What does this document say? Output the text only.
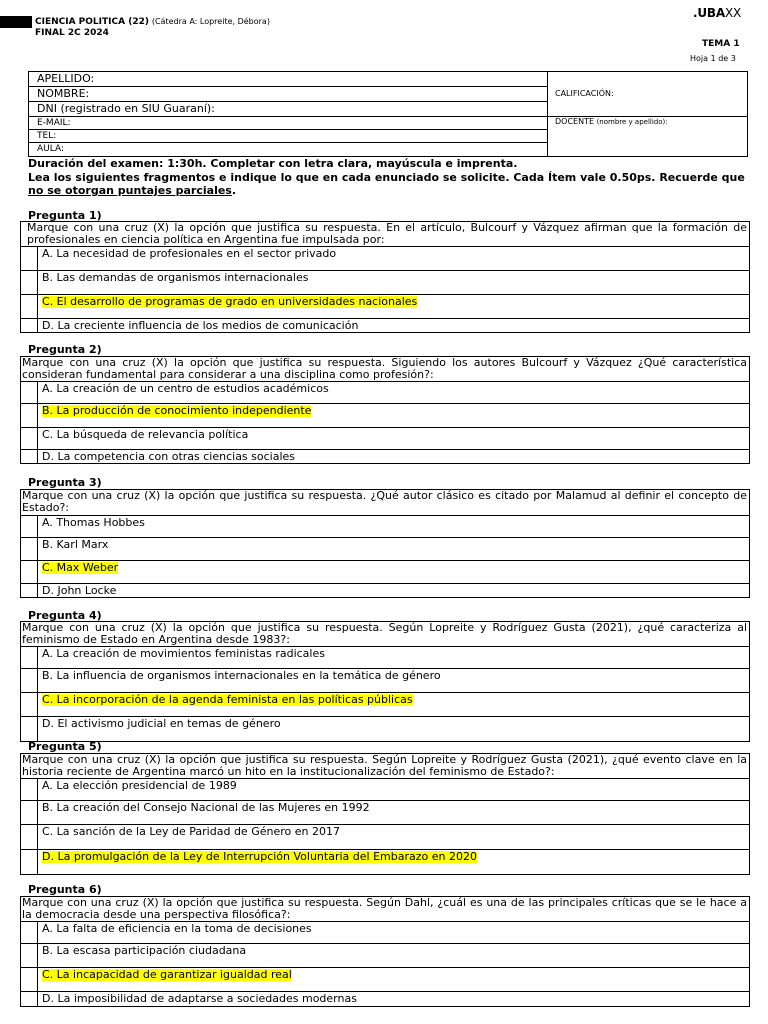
CIENCIA POLITICA (22) (Cátedra A: Lopreite, Débora)
FINAL 2C 2024
.UBAXX
TEMA 1
Hoja 1 de 3
APELLIDO:
NOMBRE:
DNI (registrado en SIU Guaraní):
E-MAIL:
TEL:
AULA:
CALIFICACIÓN:
DOCENTE (nombre y apellido):
Duración del examen: 1:30h. Completar con letra clara, mayúscula e imprenta.
Lea los siguientes fragmentos e indique lo que en cada enunciado se solicite. Cada Ítem vale 0.50ps. Recuerde que
no se otorgan puntajes parciales.
Pregunta 1)
Marque con una cruz (X) la opción que justifica su respuesta. En el artículo, Bulcourf y Vázquez afirman que la formación de profesionales en ciencia política en Argentina fue impulsada por:
A. La necesidad de profesionales en el sector privado
B. Las demandas de organismos internacionales
C. El desarrollo de programas de grado en universidades nacionales
D. La creciente influencia de los medios de comunicación
Pregunta 2)
Marque con una cruz (X) la opción que justifica su respuesta. Siguiendo los autores Bulcourf y Vázquez ¿Qué característica consideran fundamental para considerar a una disciplina como profesión?:
A. La creación de un centro de estudios académicos
B. La producción de conocimiento independiente
C. La búsqueda de relevancia política
D. La competencia con otras ciencias sociales
Pregunta 3)
Marque con una cruz (X) la opción que justifica su respuesta. ¿Qué autor clásico es citado por Malamud al definir el concepto de Estado?:
A. Thomas Hobbes
B. Karl Marx
C. Max Weber
D. John Locke
Pregunta 4)
Marque con una cruz (X) la opción que justifica su respuesta. Según Lopreite y Rodríguez Gusta (2021), ¿qué caracteriza al feminismo de Estado en Argentina desde 1983?:
A. La creación de movimientos feministas radicales
B. La influencia de organismos internacionales en la temática de género
C. La incorporación de la agenda feminista en las políticas públicas
D. El activismo judicial en temas de género
Pregunta 5)
Marque con una cruz (X) la opción que justifica su respuesta. Según Lopreite y Rodríguez Gusta (2021), ¿qué evento clave en la historia reciente de Argentina marcó un hito en la institucionalización del feminismo de Estado?:
A. La elección presidencial de 1989
B. La creación del Consejo Nacional de las Mujeres en 1992
C. La sanción de la Ley de Paridad de Género en 2017
D. La promulgación de la Ley de Interrupción Voluntaria del Embarazo en 2020
Pregunta 6)
Marque con una cruz (X) la opción que justifica su respuesta. Según Dahl, ¿cuál es una de las principales críticas que se le hace a la democracia desde una perspectiva filosófica?:
A. La falta de eficiencia en la toma de decisiones
B. La escasa participación ciudadana
C. La incapacidad de garantizar igualdad real
D. La imposibilidad de adaptarse a sociedades modernas
